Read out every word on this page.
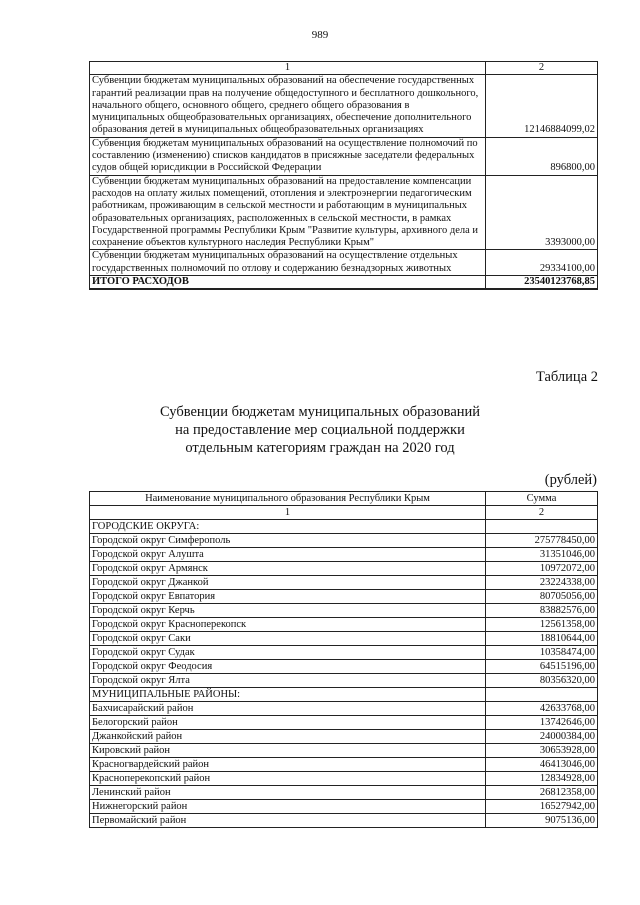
989
1	2
Субвенции бюджетам муниципальных образований на обеспечение государственных гарантий реализации прав на получение общедоступного и бесплатного дошкольного, начального общего, основного общего, среднего общего образования в муниципальных общеобразовательных организациях, обеспечение дополнительного образования детей в муниципальных общеобразовательных организациях	12146884099,02
Субвенция бюджетам муниципальных образований на осуществление полномочий по составлению (изменению) списков кандидатов в присяжные заседатели федеральных судов общей юрисдикции в Российской Федерации	896800,00
Субвенции бюджетам муниципальных образований на предоставление компенсации расходов на оплату жилых помещений, отопления и электроэнергии педагогическим работникам, проживающим в сельской местности и работающим в муниципальных образовательных организациях, расположенных в сельской местности, в рамках Государственной программы Республики Крым "Развитие культуры, архивного дела и сохранение объектов культурного наследия Республики Крым"	3393000,00
Субвенции бюджетам муниципальных образований на осуществление отдельных государственных полномочий по отлову и содержанию безнадзорных животных	29334100,00
ИТОГО РАСХОДОВ	23540123768,85
Таблица 2
Субвенции бюджетам муниципальных образований
на предоставление мер социальной поддержки
отдельным категориям граждан на 2020 год
(рублей)
Наименование муниципального образования Республики Крым	Сумма
1	2
ГОРОДСКИЕ ОКРУГА:	
Городской округ Симферополь	275778450,00
Городской округ Алушта	31351046,00
Городской округ Армянск	10972072,00
Городской округ Джанкой	23224338,00
Городской округ Евпатория	80705056,00
Городской округ Керчь	83882576,00
Городской округ Красноперекопск	12561358,00
Городской округ Саки	18810644,00
Городской округ Судак	10358474,00
Городской округ Феодосия	64515196,00
Городской округ Ялта	80356320,00
МУНИЦИПАЛЬНЫЕ РАЙОНЫ:	
Бахчисарайский район	42633768,00
Белогорский район	13742646,00
Джанкойский район	24000384,00
Кировский район	30653928,00
Красногвардейский район	46413046,00
Красноперекопский район	12834928,00
Ленинский район	26812358,00
Нижнегорский район	16527942,00
Первомайский район	9075136,00
